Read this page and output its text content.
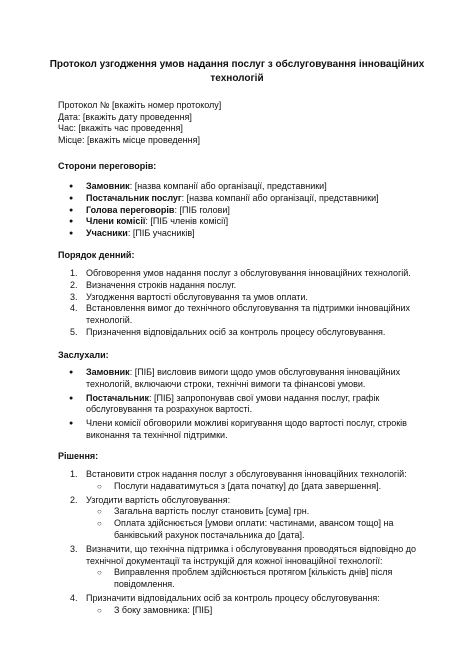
Протокол узгодження умов надання послуг з обслуговування інноваційних технологій
Протокол № [вкажіть номер протоколу]
Дата: [вкажіть дату проведення]
Час: [вкажіть час проведення]
Місце: [вкажіть місце проведення]
Сторони переговорів:
● Замовник: [назва компанії або організації, представники]
● Постачальник послуг: [назва компанії або організації, представники]
● Голова переговорів: [ПІБ голови]
● Члени комісії: [ПІБ членів комісії]
● Учасники: [ПІБ учасників]
Порядок денний:
1. Обговорення умов надання послуг з обслуговування інноваційних технологій.
2. Визначення строків надання послуг.
3. Узгодження вартості обслуговування та умов оплати.
4. Встановлення вимог до технічного обслуговування та підтримки інноваційних технологій.
5. Призначення відповідальних осіб за контроль процесу обслуговування.
Заслухали:
● Замовник: [ПІБ] висловив вимоги щодо умов обслуговування інноваційних технологій, включаючи строки, технічні вимоги та фінансові умови.
● Постачальник: [ПІБ] запропонував свої умови надання послуг, графік обслуговування та розрахунок вартості.
● Члени комісії обговорили можливі коригування щодо вартості послуг, строків виконання та технічної підтримки.
Рішення:
1. Встановити строк надання послуг з обслуговування інноваційних технологій:
○ Послуги надаватимуться з [дата початку] до [дата завершення].
2. Узгодити вартість обслуговування:
○ Загальна вартість послуг становить [сума] грн.
○ Оплата здійснюється [умови оплати: частинами, авансом тощо] на банківський рахунок постачальника до [дата].
3. Визначити, що технічна підтримка і обслуговування проводяться відповідно до технічної документації та інструкцій для кожної інноваційної технології:
○ Виправлення проблем здійснюється протягом [кількість днів] після повідомлення.
4. Призначити відповідальних осіб за контроль процесу обслуговування:
○ З боку замовника: [ПІБ]
